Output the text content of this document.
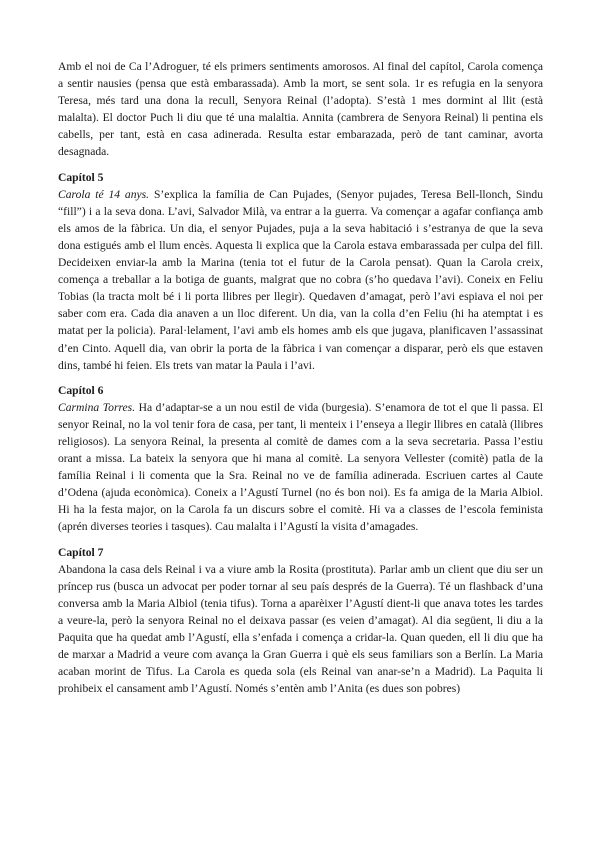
Amb el noi de Ca l’Adroguer, té els primers sentiments amorosos. Al final del capítol, Carola comença a sentir nausies (pensa que està embarassada). Amb la mort, se sent sola. 1r es refugia en la senyora Teresa, més tard una dona la recull, Senyora Reinal (l’adopta). S’està 1 mes dormint al llit (està malalta). El doctor Puch li diu que té una malaltia. Annita (cambrera de Senyora Reinal) li pentina els cabells, per tant, està en casa adinerada. Resulta estar embarazada, però de tant caminar, avorta desagnada.

Capítol 5

Carola té 14 anys. S’explica la família de Can Pujades, (Senyor pujades, Teresa Bell-llonch, Sindu “fill”) i a la seva dona. L’avi, Salvador Milà, va entrar a la guerra. Va començar a agafar confiança amb els amos de la fàbrica. Un dia, el senyor Pujades, puja a la seva habitació i s’estranya de que la seva dona estigués amb el llum encès. Aquesta li explica que la Carola estava embarassada per culpa del fill. Decideixen enviar-la amb la Marina (tenia tot el futur de la Carola pensat). Quan la Carola creix, comença a treballar a la botiga de guants, malgrat que no cobra (s’ho quedava l’avi). Coneix en Feliu Tobias (la tracta molt bé i li porta llibres per llegir). Quedaven d’amagat, però l’avi espiava el noi per saber com era. Cada dia anaven a un lloc diferent. Un dia, van la colla d’en Feliu (hi ha atemptat i es matat per la policia). Paral·lelament, l’avi amb els homes amb els que jugava, planificaven l’assassinat d’en Cinto. Aquell dia, van obrir la porta de la fàbrica i van començar a disparar, però els que estaven dins, també hi feien. Els trets van matar la Paula i l’avi.

Capítol 6

Carmina Torres. Ha d’adaptar-se a un nou estil de vida (burgesia). S’enamora de tot el que li passa. El senyor Reinal, no la vol tenir fora de casa, per tant, li menteix i l’enseya a llegir llibres en català (llibres religiosos). La senyora Reinal, la presenta al comitè de dames com a la seva secretaria. Passa l’estiu orant a missa. La bateix la senyora que hi mana al comitè. La senyora Vellester (comitè) patla de la família Reinal i li comenta que la Sra. Reinal no ve de família adinerada. Escriuen cartes al Caute d’Odena (ajuda econòmica). Coneix a l’Agustí Turnel (no és bon noi). Es fa amiga de la Maria Albiol. Hi ha la festa major, on la Carola fa un discurs sobre el comitè. Hi va a classes de l’escola feminista (aprén diverses teories i tasques). Cau malalta i l’Agustí la visita d’amagades.

Capítol 7

Abandona la casa dels Reinal i va a viure amb la Rosita (prostituta). Parlar amb un client que diu ser un príncep rus (busca un advocat per poder tornar al seu país després de la Guerra). Té un flashback d’una conversa amb la Maria Albiol (tenia tifus). Torna a aparèixer l’Agustí dient-li que anava totes les tardes a veure-la, però la senyora Reinal no el deixava passar (es veien d’amagat). Al dia següent, li diu a la Paquita que ha quedat amb l’Agustí, ella s’enfada i comença a cridar-la. Quan queden, ell li diu que ha de marxar a Madrid a veure com avança la Gran Guerra i què els seus familiars son a Berlín. La Maria acaban morint de Tifus. La Carola es queda sola (els Reinal van anar-se’n a Madrid). La Paquita li prohibeix el cansament amb l’Agustí. Només s’entèn amb l’Anita (es dues son pobres)
